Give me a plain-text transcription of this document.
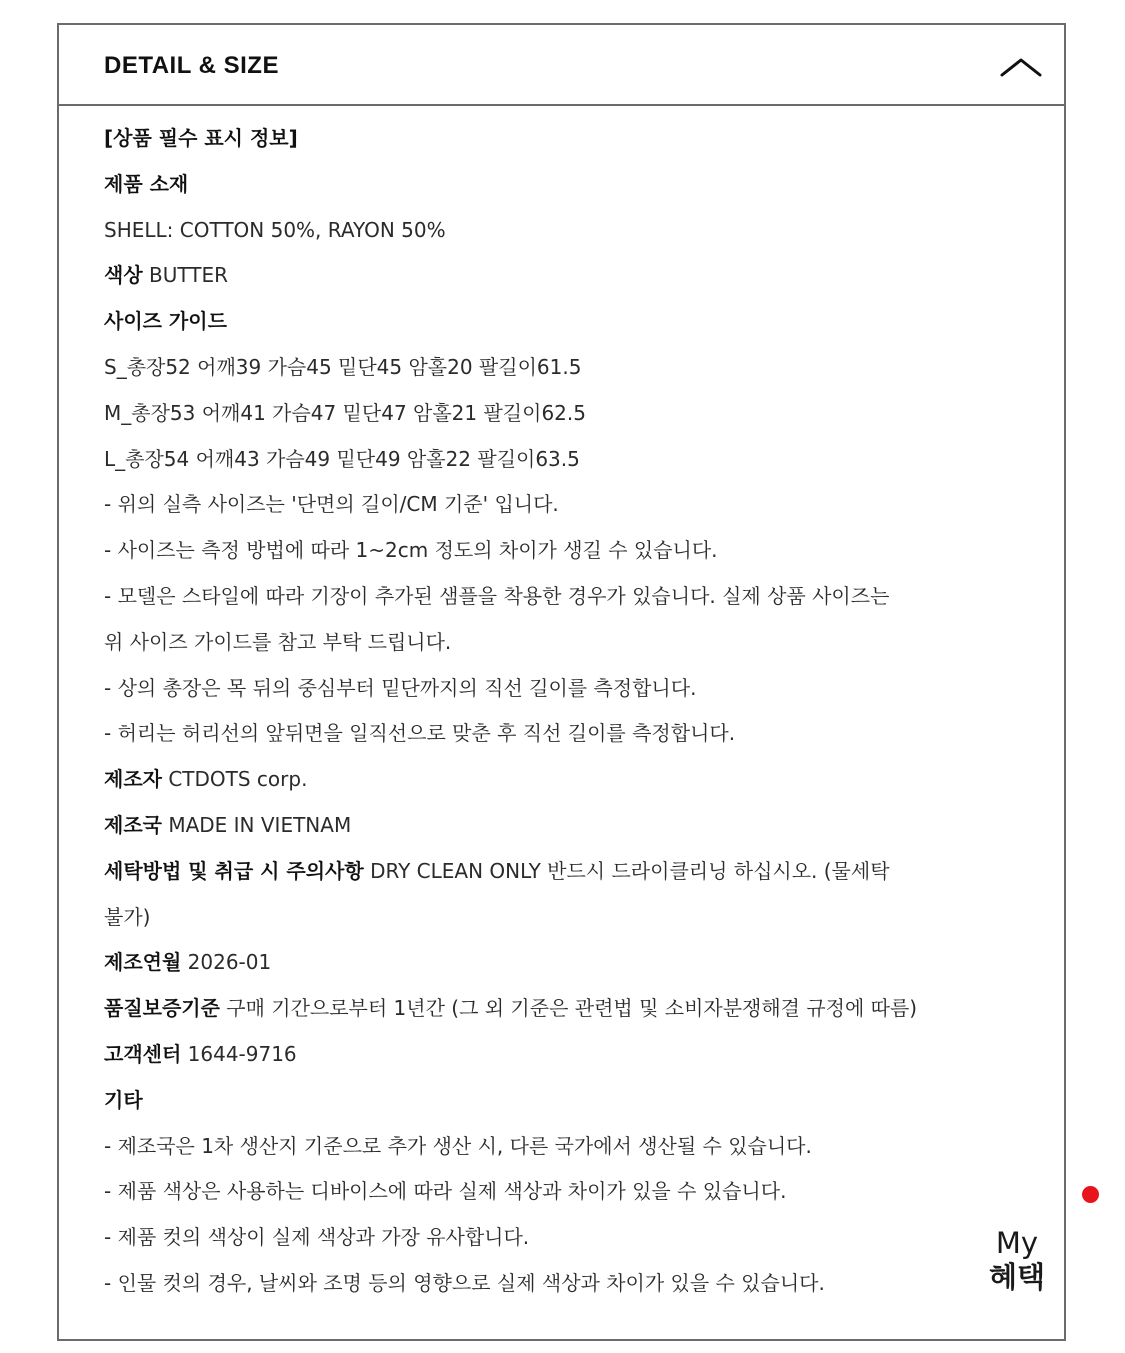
DETAIL & SIZE
[상품 필수 표시 정보]
제품 소재
SHELL: COTTON 50%, RAYON 50%
색상 BUTTER
사이즈 가이드
S_총장52 어깨39 가슴45 밑단45 암홀20 팔길이61.5
M_총장53 어깨41 가슴47 밑단47 암홀21 팔길이62.5
L_총장54 어깨43 가슴49 밑단49 암홀22 팔길이63.5
- 위의 실측 사이즈는 '단면의 길이/CM 기준' 입니다.
- 사이즈는 측정 방법에 따라 1~2cm 정도의 차이가 생길 수 있습니다.
- 모델은 스타일에 따라 기장이 추가된 샘플을 착용한 경우가 있습니다. 실제 상품 사이즈는
위 사이즈 가이드를 참고 부탁 드립니다.
- 상의 총장은 목 뒤의 중심부터 밑단까지의 직선 길이를 측정합니다.
- 허리는 허리선의 앞뒤면을 일직선으로 맞춘 후 직선 길이를 측정합니다.
제조자 CTDOTS corp.
제조국 MADE IN VIETNAM
세탁방법 및 취급 시 주의사항 DRY CLEAN ONLY 반드시 드라이클리닝 하십시오. (물세탁
불가)
제조연월 2026-01
품질보증기준 구매 기간으로부터 1년간 (그 외 기준은 관련법 및 소비자분쟁해결 규정에 따름)
고객센터 1644-9716
기타
- 제조국은 1차 생산지 기준으로 추가 생산 시, 다른 국가에서 생산될 수 있습니다.
- 제품 색상은 사용하는 디바이스에 따라 실제 색상과 차이가 있을 수 있습니다.
- 제품 컷의 색상이 실제 색상과 가장 유사합니다.
- 인물 컷의 경우, 날씨와 조명 등의 영향으로 실제 색상과 차이가 있을 수 있습니다.
My
혜택
